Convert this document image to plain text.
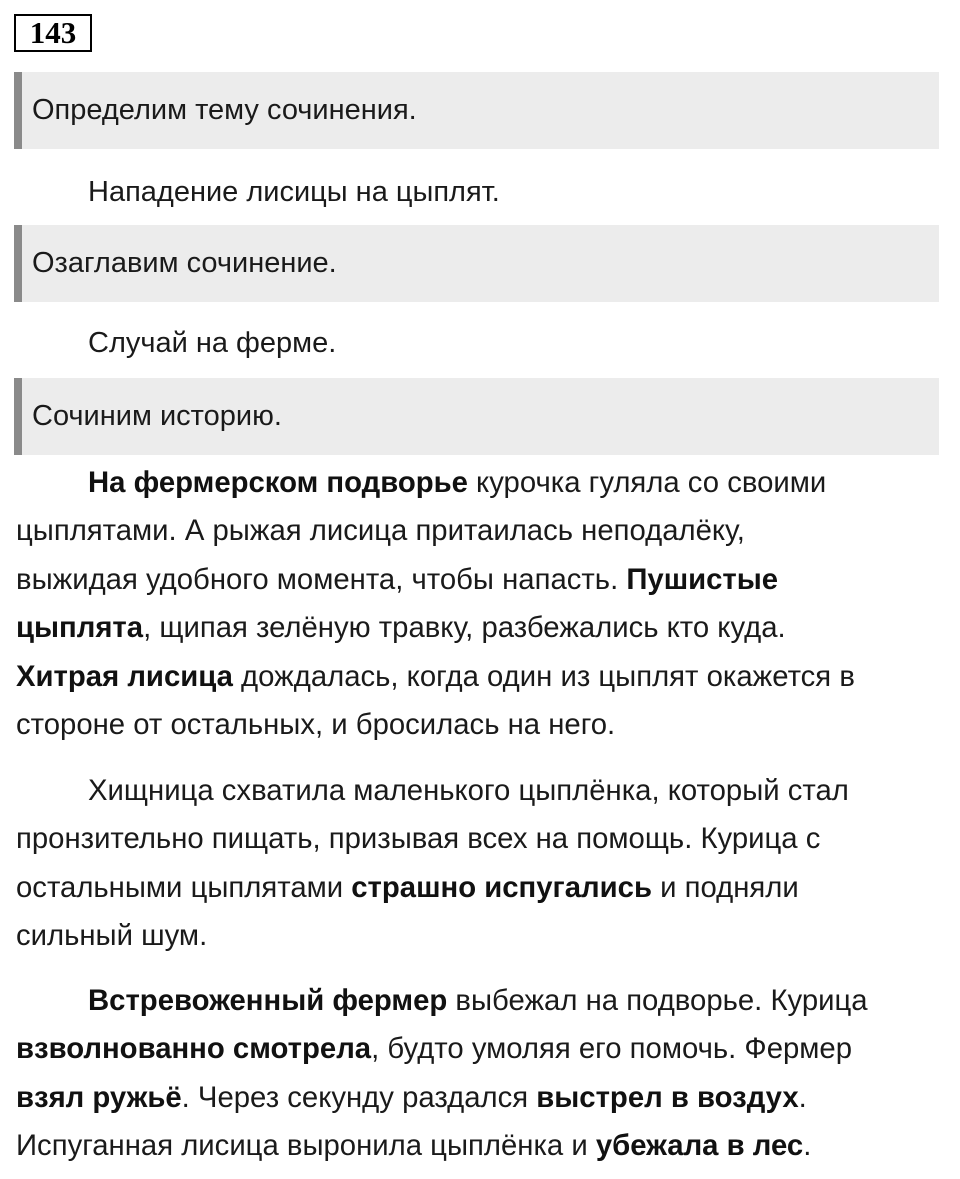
143
Определим тему сочинения.
Нападение лисицы на цыплят.
Озаглавим сочинение.
Случай на ферме.
Сочиним историю.
На фермерском подворье курочка гуляла со своими
цыплятами. А рыжая лисица притаилась неподалёку,
выжидая удобного момента, чтобы напасть. Пушистые
цыплята, щипая зелёную травку, разбежались кто куда.
Хитрая лисица дождалась, когда один из цыплят окажется в
стороне от остальных, и бросилась на него.
Хищница схватила маленького цыплёнка, который стал
пронзительно пищать, призывая всех на помощь. Курица с
остальными цыплятами страшно испугались и подняли
сильный шум.
Встревоженный фермер выбежал на подворье. Курица
взволнованно смотрела, будто умоляя его помочь. Фермер
взял ружьё. Через секунду раздался выстрел в воздух.
Испуганная лисица выронила цыплёнка и убежала в лес.
